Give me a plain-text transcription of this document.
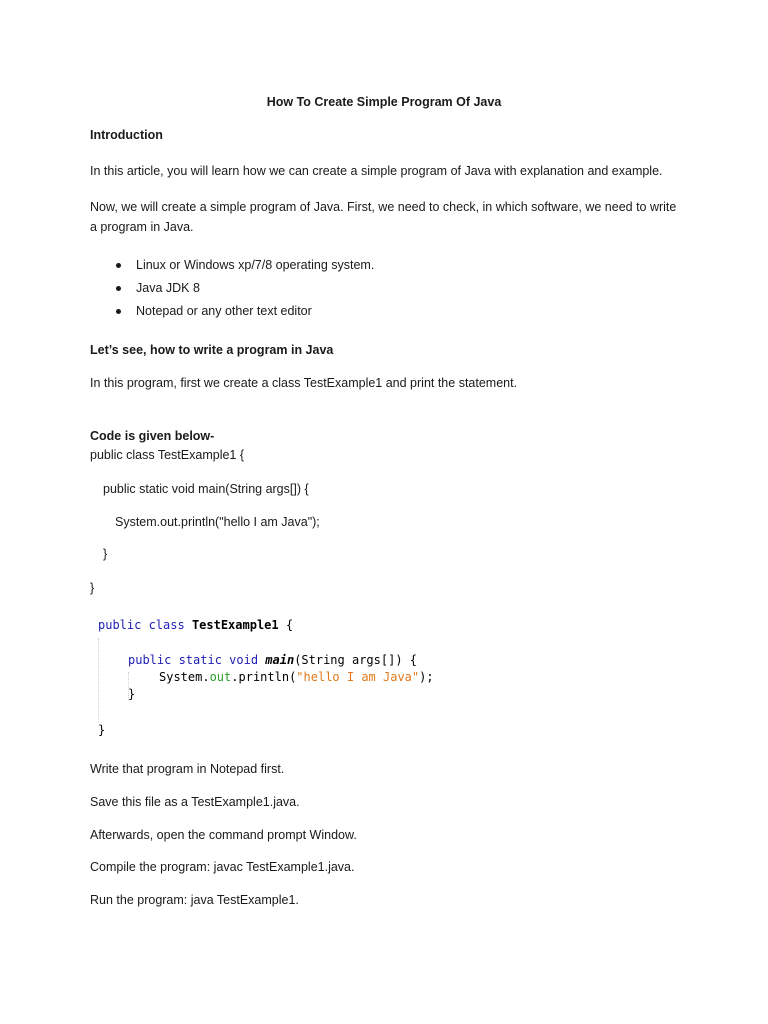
How To Create Simple Program Of Java
Introduction
In this article, you will learn how we can create a simple program of Java with explanation and example.
Now, we will create a simple program of Java. First, we need to check, in which software, we need to write a program in Java.
Linux or Windows xp/7/8 operating system.
Java JDK 8
Notepad or any other text editor
Let’s see, how to write a program in Java
In this program, first we create a class TestExample1 and print the statement.
Code is given below-
public class TestExample1 {
public static void main(String args[]) {
System.out.println("hello I am Java");
}
}
public class TestExample1 {
public static void main(String args[]) {
System.out.println("hello I am Java");
}
}
Write that program in Notepad first.
Save this file as a TestExample1.java.
Afterwards, open the command prompt Window.
Compile the program: javac TestExample1.java.
Run the program: java TestExample1.
